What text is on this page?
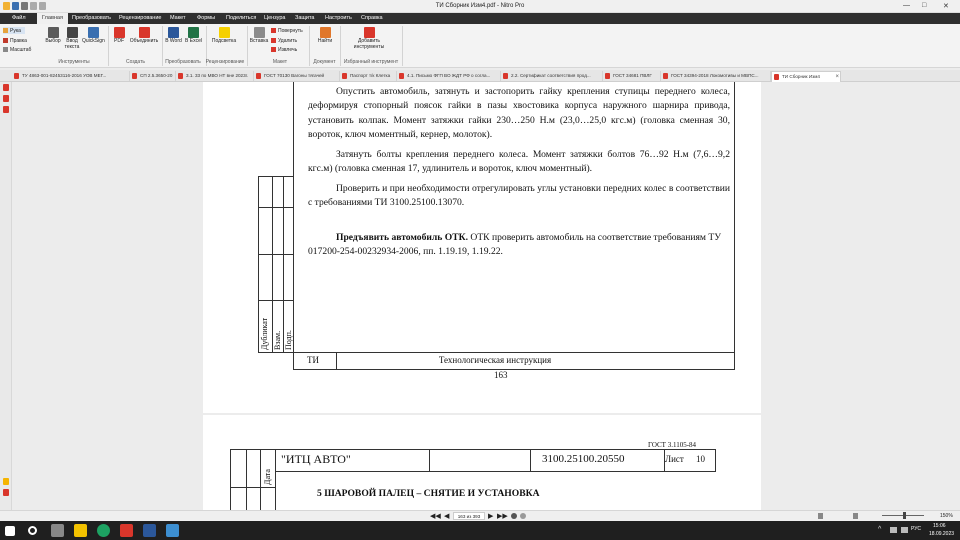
ТИ Сборник Изм4.pdf - Nitro Pro	— □ ✕
Файл	Главная	Преобразовать Рецензирование Макет Формы Поделиться Цензура Защита Настроить Справка
Рука
Правка
Масштаб
Выбор	Ввод текста
QuickSign
Инструменты
PDF	Объединить
Создать
В Word В Excel
Преобразовать
Подсветка
Рецензирование
Вставка
Повернуть
Удалить
Извлечь
Макет
Найти
Документ
Добавить инструменты
Избранный инструмент
ТУ 4863-001-82453116-2016 УОВ МЕГ...	СП 2.5.3650-20	3.1. 33 по МВО НТ вне 2023г.	ГОСТ 70130 Вагоны тягачей	Паспорт т/к Клетка	4.1. Письмо ФГП ВО ЖДТ РФ о согла...	2.2. Сертификат соответствия прод...	ГОСТ 34681 ПВЛГ	ГОСТ 34394-2018 Локомотивы и МВПС...	ТИ Сборник Изм4	×
Опустить автомобиль, затянуть и застопорить гайку крепления ступицы переднего колеса, деформируя стопорный поясок гайки в пазы хвостовика корпуса наружного шарнира привода, установить колпак. Момент затяжки гайки 230…250 Н.м (23,0…25,0 кгс.м) (головка сменная 30, вороток, ключ моментный, кернер, молоток).
Затянуть болты крепления переднего колеса. Момент затяжки болтов 76…92 Н.м (7,6…9,2 кгс.м) (головка сменная 17, удлинитель и вороток, ключ моментный).
Проверить и при необходимости отрегулировать углы установки передних колес в соответствии с требованиями ТИ 3100.25100.13070.
Предъявить автомобиль ОТК. ОТК проверить автомобиль на соответствие требованиям ТУ 017200-254-00232934-2006, пп. 1.19.19, 1.19.22.
Дубликат Взам. Подп.
ТИ	Технологическая инструкция
163
ГОСТ 3.1105-84
"ИТЦ АВТО"	3100.25100.20550	Лист 10
Дата
5 ШАРОВОЙ ПАЛЕЦ – СНЯТИЕ И УСТАНОВКА
◀◀ ◀	163 из 393	▶ ▶▶	150%
^	РУС 15:06
18.09.2023
